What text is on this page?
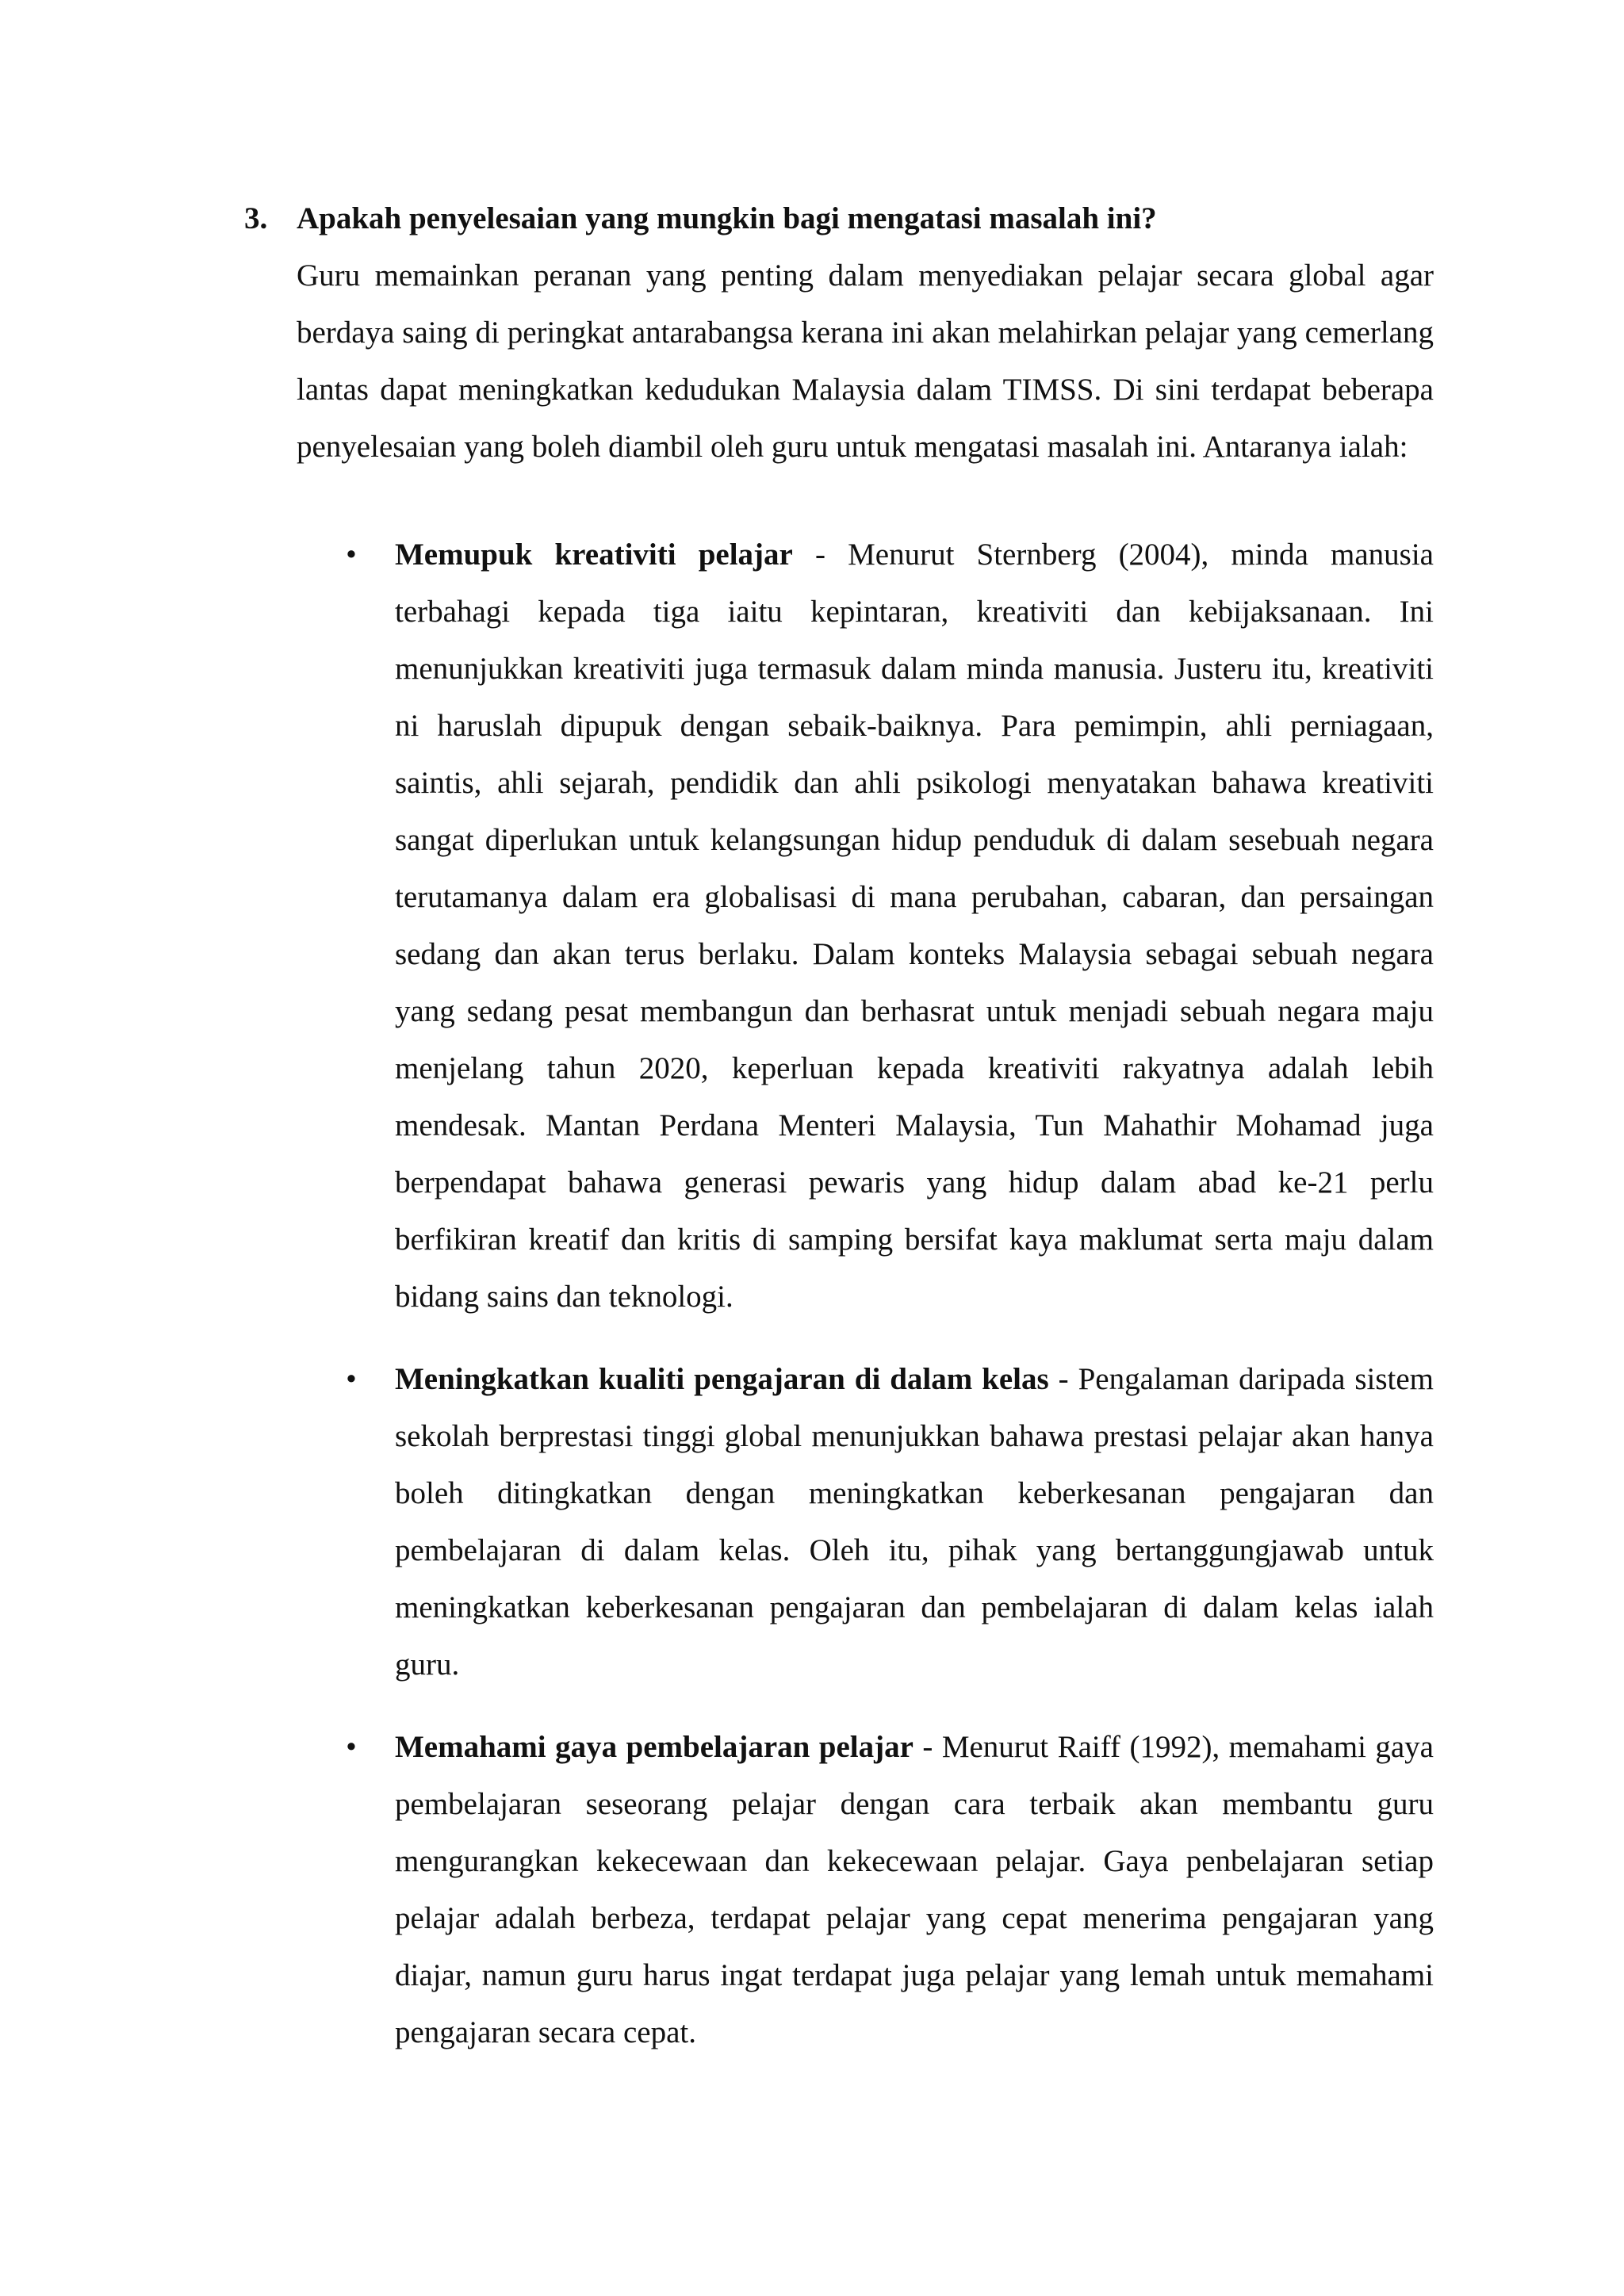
3. Apakah penyelesaian yang mungkin bagi mengatasi masalah ini?

Guru memainkan peranan yang penting dalam menyediakan pelajar secara global agar berdaya saing di peringkat antarabangsa kerana ini akan melahirkan pelajar yang cemerlang lantas dapat meningkatkan kedudukan Malaysia dalam TIMSS. Di sini terdapat beberapa penyelesaian yang boleh diambil oleh guru untuk mengatasi masalah ini. Antaranya ialah:

•	Memupuk kreativiti pelajar - Menurut Sternberg (2004), minda manusia terbahagi kepada tiga iaitu kepintaran, kreativiti dan kebijaksanaan. Ini menunjukkan kreativiti juga termasuk dalam minda manusia. Justeru itu, kreativiti ni haruslah dipupuk dengan sebaik-baiknya. Para pemimpin, ahli perniagaan, saintis, ahli sejarah, pendidik dan ahli psikologi menyatakan bahawa kreativiti sangat diperlukan untuk kelangsungan hidup penduduk di dalam sesebuah negara terutamanya dalam era globalisasi di mana perubahan, cabaran, dan persaingan sedang dan akan terus berlaku. Dalam konteks Malaysia sebagai sebuah negara yang sedang pesat membangun dan berhasrat untuk menjadi sebuah negara maju menjelang tahun 2020, keperluan kepada kreativiti rakyatnya adalah lebih mendesak. Mantan Perdana Menteri Malaysia, Tun Mahathir Mohamad juga berpendapat bahawa generasi pewaris yang hidup dalam abad ke-21 perlu berfikiran kreatif dan kritis di samping bersifat kaya maklumat serta maju dalam bidang sains dan teknologi.

•	Meningkatkan kualiti pengajaran di dalam kelas - Pengalaman daripada sistem sekolah berprestasi tinggi global menunjukkan bahawa prestasi pelajar akan hanya boleh ditingkatkan dengan meningkatkan keberkesanan pengajaran dan pembelajaran di dalam kelas. Oleh itu, pihak yang bertanggungjawab untuk meningkatkan keberkesanan pengajaran dan pembelajaran di dalam kelas ialah guru.

•	Memahami gaya pembelajaran pelajar - Menurut Raiff (1992), memahami gaya pembelajaran seseorang pelajar dengan cara terbaik akan membantu guru mengurangkan kekecewaan dan kekecewaan pelajar. Gaya penbelajaran setiap pelajar adalah berbeza, terdapat pelajar yang cepat menerima pengajaran yang diajar, namun guru harus ingat terdapat juga pelajar yang lemah untuk memahami pengajaran secara cepat.
